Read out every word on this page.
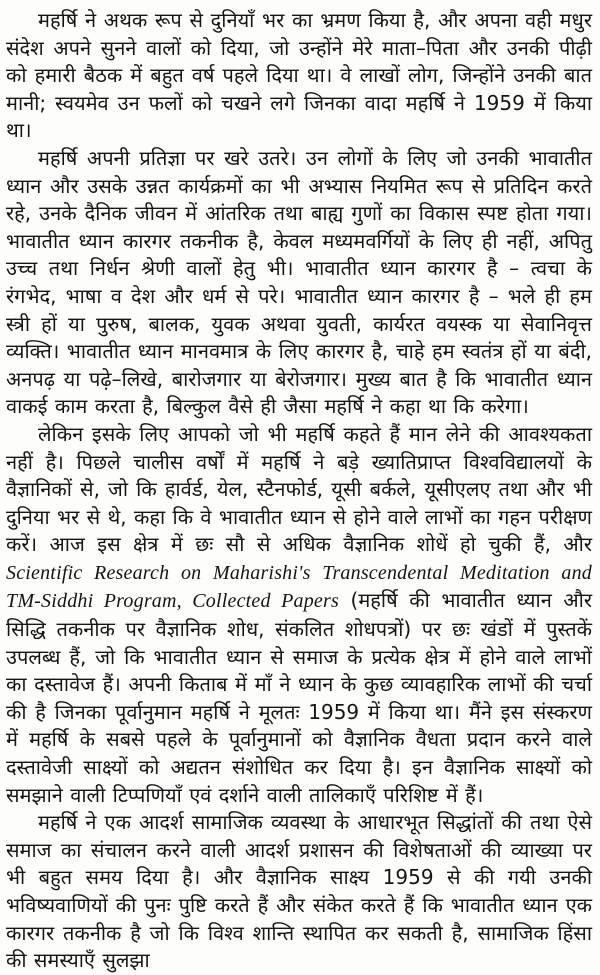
महर्षि ने अथक रूप से दुनियाँ भर का भ्रमण किया है, और अपना वही मधुर संदेश अपने सुनने वालों को दिया, जो उन्होंने मेरे माता–पिता और उनकी पीढ़ी को हमारी बैठक में बहुत वर्ष पहले दिया था। वे लाखों लोग, जिन्होंने उनकी बात मानी; स्वयमेव उन फलों को चखने लगे जिनका वादा महर्षि ने 1959 में किया था।

महर्षि अपनी प्रतिज्ञा पर खरे उतरे। उन लोगों के लिए जो उनकी भावातीत ध्यान और उसके उन्नत कार्यक्रमों का भी अभ्यास नियमित रूप से प्रतिदिन करते रहे, उनके दैनिक जीवन में आंतरिक तथा बाह्य गुणों का विकास स्पष्ट होता गया। भावातीत ध्यान कारगर तकनीक है, केवल मध्यमवर्गियों के लिए ही नहीं, अपितु उच्च तथा निर्धन श्रेणी वालों हेतु भी। भावातीत ध्यान कारगर है – त्वचा के रंगभेद, भाषा व देश और धर्म से परे। भावातीत ध्यान कारगर है – भले ही हम स्त्री हों या पुरुष, बालक, युवक अथवा युवती, कार्यरत वयस्क या सेवानिवृत्त व्यक्ति। भावातीत ध्यान मानवमात्र के लिए कारगर है, चाहे हम स्वतंत्र हों या बंदी, अनपढ़ या पढ़े–लिखे, बारोजगार या बेरोजगार। मुख्य बात है कि भावातीत ध्यान वाकई काम करता है, बिल्कुल वैसे ही जैसा महर्षि ने कहा था कि करेगा।

लेकिन इसके लिए आपको जो भी महर्षि कहते हैं मान लेने की आवश्यकता नहीं है। पिछले चालीस वर्षों में महर्षि ने बड़े ख्यातिप्राप्त विश्वविद्यालयों के वैज्ञानिकों से, जो कि हार्वर्ड, येल, स्टैनफोर्ड, यूसी बर्कले, यूसीएलए तथा और भी दुनिया भर से थे, कहा कि वे भावातीत ध्यान से होने वाले लाभों का गहन परीक्षण करें। आज इस क्षेत्र में छः सौ से अधिक वैज्ञानिक शोधें हो चुकी हैं, और Scientific Research on Maharishi's Transcendental Meditation and TM-Siddhi Program, Collected Papers (महर्षि की भावातीत ध्यान और सिद्धि तकनीक पर वैज्ञानिक शोध, संकलित शोधपत्रों) पर छः खंडों में पुस्तकें उपलब्ध हैं, जो कि भावातीत ध्यान से समाज के प्रत्येक क्षेत्र में होने वाले लाभों का दस्तावेज हैं। अपनी किताब में माँ ने ध्यान के कुछ व्यावहारिक लाभों की चर्चा की है जिनका पूर्वानुमान महर्षि ने मूलतः 1959 में किया था। मैंने इस संस्करण में महर्षि के सबसे पहले के पूर्वानुमानों को वैज्ञानिक वैधता प्रदान करने वाले दस्तावेजी साक्ष्यों को अद्यतन संशोधित कर दिया है। इन वैज्ञानिक साक्ष्यों को समझाने वाली टिप्पणियाँ एवं दर्शाने वाली तालिकाएँ परिशिष्ट में हैं।

महर्षि ने एक आदर्श सामाजिक व्यवस्था के आधारभूत सिद्धांतों की तथा ऐसे समाज का संचालन करने वाली आदर्श प्रशासन की विशेषताओं की व्याख्या पर भी बहुत समय दिया है। और वैज्ञानिक साक्ष्य 1959 से की गयी उनकी भविष्यवाणियों की पुनः पुष्टि करते हैं और संकेत करते हैं कि भावातीत ध्यान एक कारगर तकनीक है जो कि विश्व शान्ति स्थापित कर सकती है, सामाजिक हिंसा की समस्याएँ सुलझा
